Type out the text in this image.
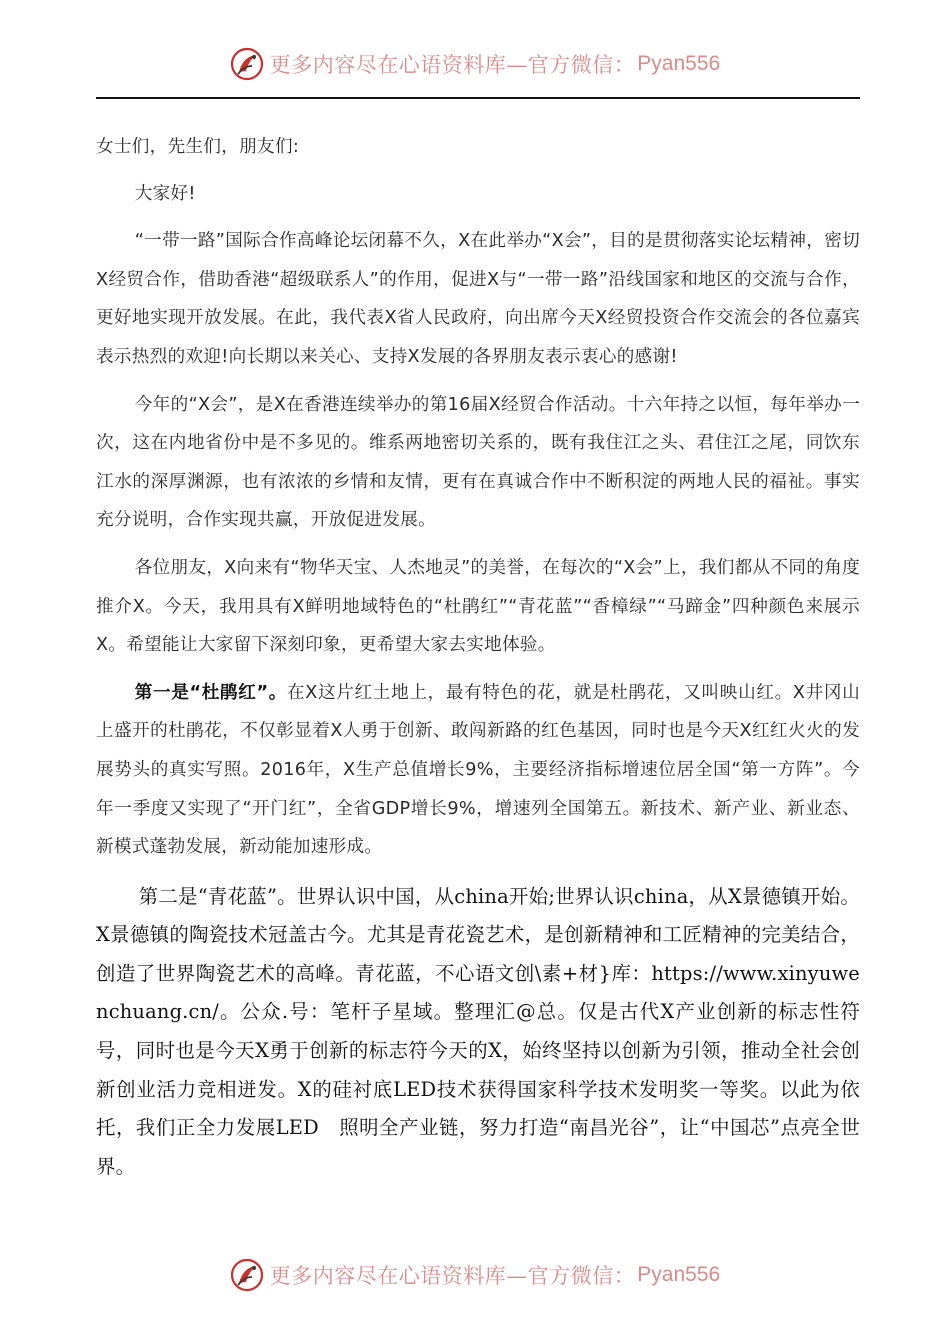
更多内容尽在心语资料库—官方微信： Pyan556

女士们，先生们，朋友们:

大家好!

“一带一路”国际合作高峰论坛闭幕不久，X在此举办“X会”，目的是贯彻落实论坛精神，密切X经贸合作，借助香港“超级联系人”的作用，促进X与“一带一路”沿线国家和地区的交流与合作，更好地实现开放发展。在此，我代表X省人民政府，向出席今天X经贸投资合作交流会的各位嘉宾表示热烈的欢迎!向长期以来关心、支持X发展的各界朋友表示衷心的感谢!

今年的“X会”，是X在香港连续举办的第16届X经贸合作活动。十六年持之以恒，每年举办一次，这在内地省份中是不多见的。维系两地密切关系的，既有我住江之头、君住江之尾，同饮东江水的深厚渊源，也有浓浓的乡情和友情，更有在真诚合作中不断积淀的两地人民的福祉。事实充分说明，合作实现共赢，开放促进发展。

各位朋友，X向来有“物华天宝、人杰地灵”的美誉，在每次的“X会”上，我们都从不同的角度推介X。今天，我用具有X鲜明地域特色的“杜鹃红”“青花蓝”“香樟绿”“马蹄金”四种颜色来展示X。希望能让大家留下深刻印象，更希望大家去实地体验。

第一是“杜鹃红”。在X这片红土地上，最有特色的花，就是杜鹃花，又叫映山红。X井冈山上盛开的杜鹃花，不仅彰显着X人勇于创新、敢闯新路的红色基因，同时也是今天X红红火火的发展势头的真实写照。2016年，X生产总值增长9%，主要经济指标增速位居全国“第一方阵”。今年一季度又实现了“开门红”，全省GDP增长9%，增速列全国第五。新技术、新产业、新业态、新模式蓬勃发展，新动能加速形成。

第二是“青花蓝”。世界认识中国，从china开始;世界认识china，从X景德镇开始。X景德镇的陶瓷技术冠盖古今。尤其是青花瓷艺术，是创新精神和工匠精神的完美结合，创造了世界陶瓷艺术的高峰。青花蓝，不心语文创\素+材}库：https://www.xinyuwenchuang.cn/。公众.号：笔杆子星域。整理汇@总。仅是古代X产业创新的标志性符号，同时也是今天X勇于创新的标志符今天的X，始终坚持以创新为引领，推动全社会创新创业活力竞相迸发。X的硅衬底LED技术获得国家科学技术发明奖一等奖。以此为依托，我们正全力发展LED　照明全产业链，努力打造“南昌光谷”，让“中国芯”点亮全世界。

更多内容尽在心语资料库—官方微信： Pyan556
